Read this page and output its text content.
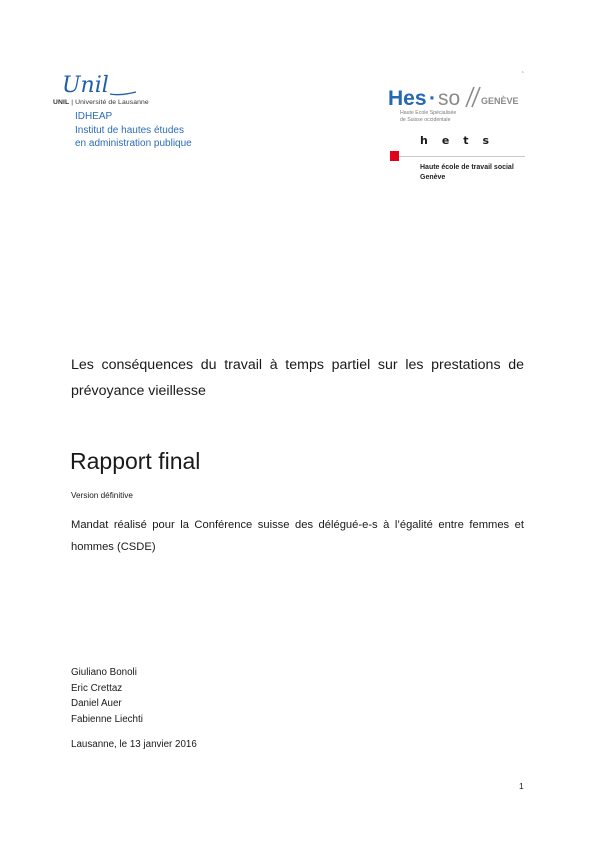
Unil
UNIL | Université de Lausanne
IDHEAP
Institut de hautes études
en administration publique
‘
Hes · so GENÈVE
Haute Ecole Spécialisée
de Suisse occidentale
hets
Haute école de travail social
Genève
Les conséquences du travail à temps partiel sur les prestations de prévoyance vieillesse
Rapport final
Version définitive
Mandat réalisé pour la Conférence suisse des délégué-e-s à l’égalité entre femmes et hommes (CSDE)
Giuliano Bonoli
Eric Crettaz
Daniel Auer
Fabienne Liechti
Lausanne, le 13 janvier 2016
1
